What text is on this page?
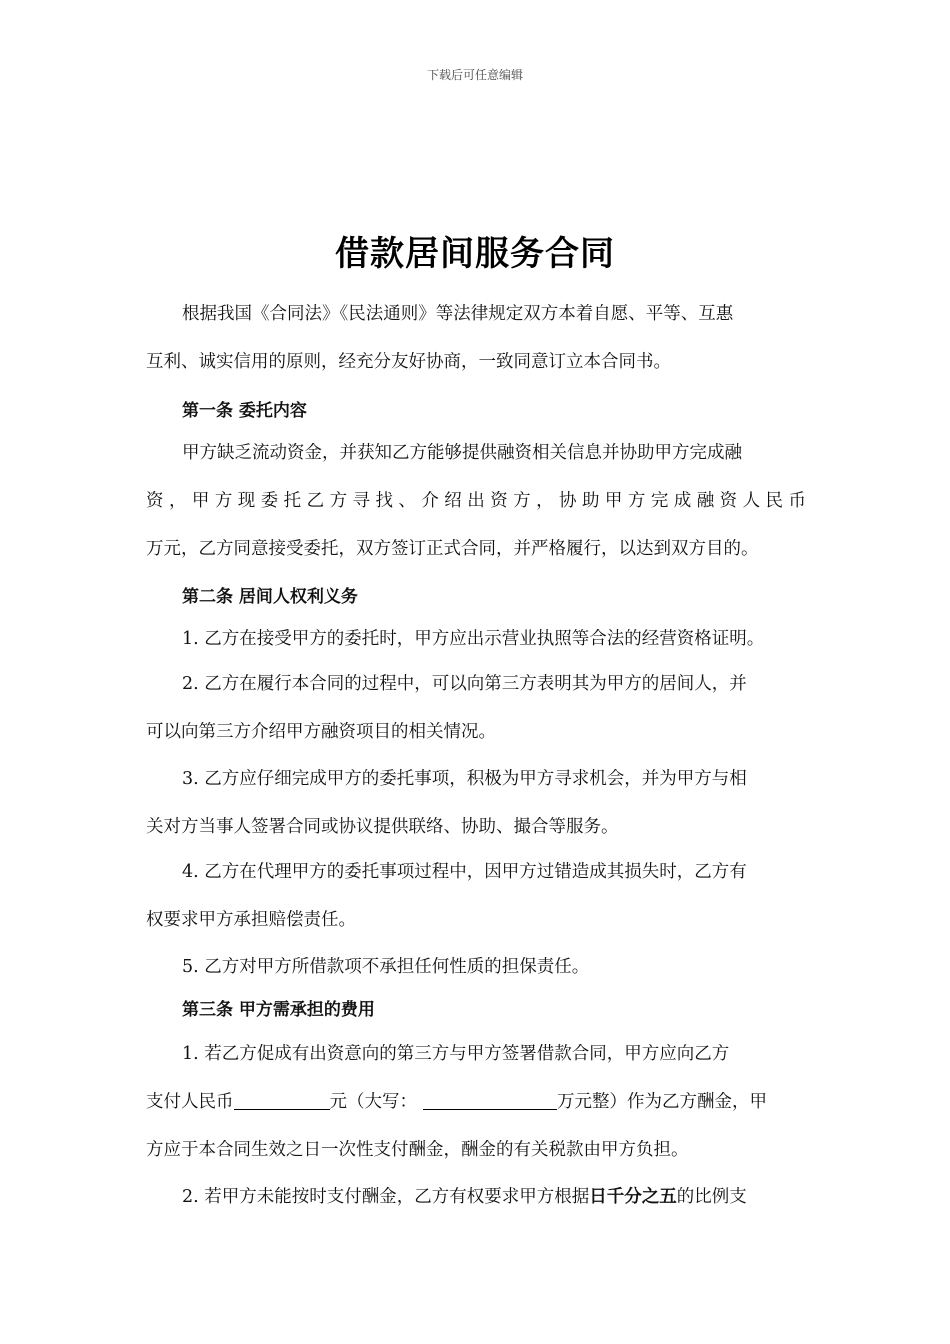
下载后可任意编辑
借款居间服务合同
根据我国《合同法》《民法通则》等法律规定双方本着自愿、平等、互惠
互利、诚实信用的原则，经充分友好协商，一致同意订立本合同书。
第一条 委托内容
甲方缺乏流动资金，并获知乙方能够提供融资相关信息并协助甲方完成融
资，甲方现委托乙方寻找、介绍出资方，协助甲方完成融资人民币
万元，乙方同意接受委托，双方签订正式合同，并严格履行，以达到双方目的。
第二条 居间人权利义务
1. 乙方在接受甲方的委托时，甲方应出示营业执照等合法的经营资格证明。
2. 乙方在履行本合同的过程中，可以向第三方表明其为甲方的居间人，并
可以向第三方介绍甲方融资项目的相关情况。
3. 乙方应仔细完成甲方的委托事项，积极为甲方寻求机会，并为甲方与相
关对方当事人签署合同或协议提供联络、协助、撮合等服务。
4. 乙方在代理甲方的委托事项过程中，因甲方过错造成其损失时，乙方有
权要求甲方承担赔偿责任。
5. 乙方对甲方所借款项不承担任何性质的担保责任。
第三条 甲方需承担的费用
1. 若乙方促成有出资意向的第三方与甲方签署借款合同，甲方应向乙方
支付人民币	元（大写：	万元整）作为乙方酬金，甲
方应于本合同生效之日一次性支付酬金，酬金的有关税款由甲方负担。
2. 若甲方未能按时支付酬金，乙方有权要求甲方根据日千分之五的比例支
